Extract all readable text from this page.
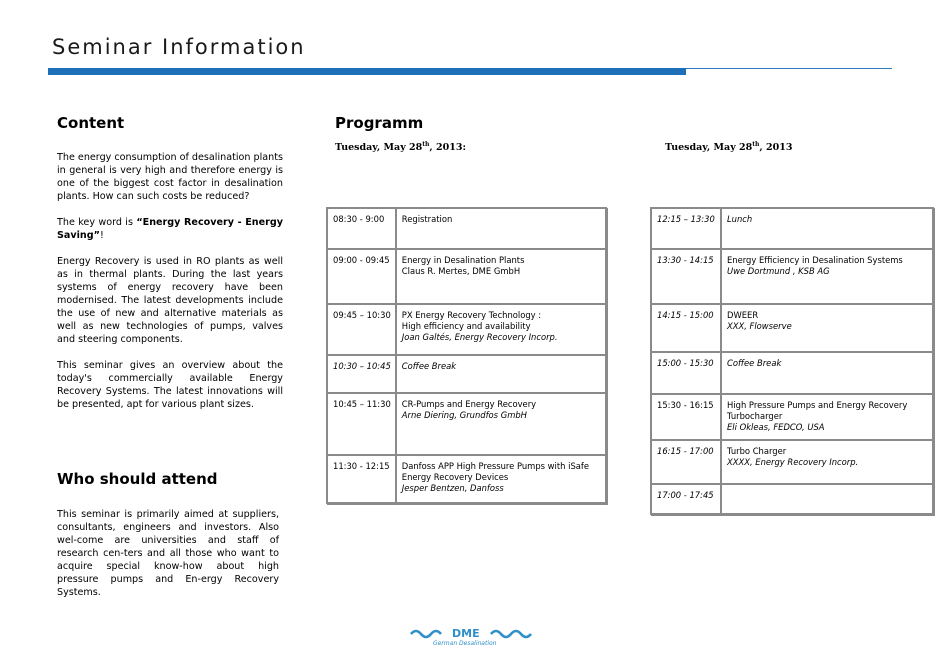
Seminar Information
Content

The energy consumption of desalination plants in general is very high and therefore energy is one of the biggest cost factor in desalination plants. How can such costs be reduced?

The key word is “Energy Recovery - Energy Saving”!

Energy Recovery is used in RO plants as well as in thermal plants. During the last years systems of energy recovery have been modernised. The latest developments include the use of new and alternative materials as well as new technologies of pumps, valves and steering components.

This seminar gives an overview about the today's commercially available Energy Recovery Systems. The latest innovations will be presented, apt for various plant sizes.

Who should attend

This seminar is primarily aimed at suppliers, consultants, engineers and investors. Also wel-come are universities and staff of research cen-ters and all those who want to acquire special know-how about high pressure pumps and En-ergy Recovery Systems.

Programm
Tuesday, May 28th, 2013:	Tuesday, May 28th, 2013
08:30 - 9:00	Registration

09:00 - 09:45	Energy in Desalination Plants
Claus R. Mertes, DME GmbH

09:45 – 10:30	PX Energy Recovery Technology :
High efficiency and availability
Joan Galtés, Energy Recovery Incorp.

10:30 – 10:45	Coffee Break

10:45 – 11:30	CR-Pumps and Energy Recovery
Arne Diering, Grundfos GmbH

11:30 - 12:15	Danfoss APP High Pressure Pumps with iSafe
Energy Recovery Devices
Jesper Bentzen, Danfoss
12:15 – 13:30	Lunch

13:30 - 14:15	Energy Efficiency in Desalination Systems
Uwe Dortmund , KSB AG

14:15 - 15:00	DWEER
XXX, Flowserve

15:00 - 15:30	Coffee Break

15:30 - 16:15	High Pressure Pumps and Energy Recovery
Turbocharger
Eli Okleas, FEDCO, USA

16:15 - 17:00	Turbo Charger
XXXX, Energy Recovery Incorp.

17:00 - 17:45	
DME
German Desalination
